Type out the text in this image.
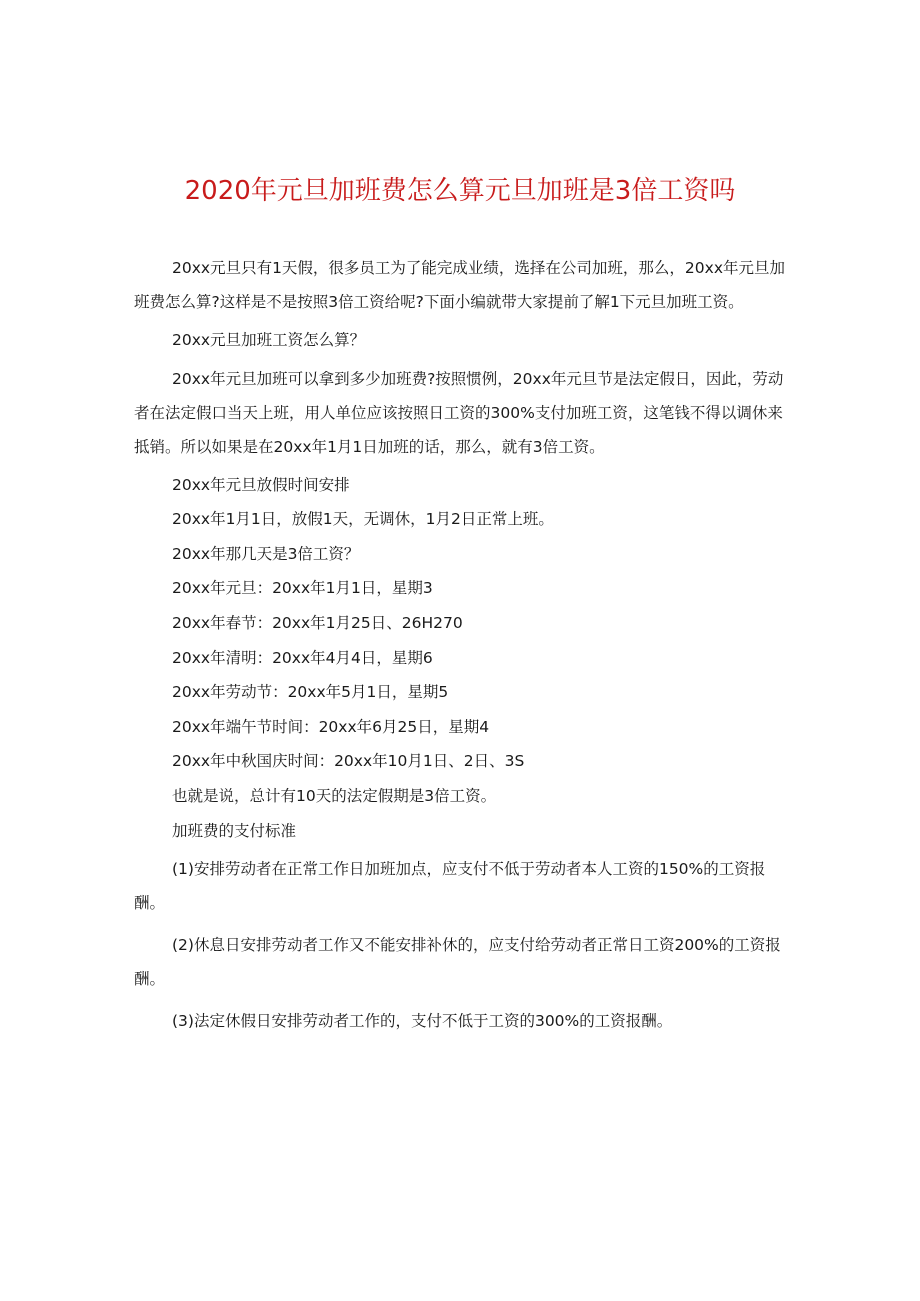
2020年元旦加班费怎么算元旦加班是3倍工资吗

20xx元旦只有1天假，很多员工为了能完成业绩，选择在公司加班，那么，20xx年元旦加班费怎么算?这样是不是按照3倍工资给呢?下面小编就带大家提前了解1下元旦加班工资。

20xx元旦加班工资怎么算？

20xx年元旦加班可以拿到多少加班费?按照惯例，20xx年元旦节是法定假日，因此，劳动者在法定假口当天上班，用人单位应该按照日工资的300%支付加班工资，这笔钱不得以调休来抵销。所以如果是在20xx年1月1日加班的话，那么，就有3倍工资。

20xx年元旦放假时间安排

20xx年1月1日，放假1天，无调休，1月2日正常上班。

20xx年那几天是3倍工资？

20xx年元旦：20xx年1月1日，星期3

20xx年春节：20xx年1月25日、26H270

20xx年清明：20xx年4月4日，星期6

20xx年劳动节：20xx年5月1日，星期5

20xx年端午节时间：20xx年6月25日，星期4

20xx年中秋国庆时间：20xx年10月1日、2日、3S

也就是说，总计有10天的法定假期是3倍工资。

加班费的支付标准

(1)安排劳动者在正常工作日加班加点，应支付不低于劳动者本人工资的150%的工资报酬。

(2)休息日安排劳动者工作又不能安排补休的，应支付给劳动者正常日工资200%的工资报酬。

(3)法定休假日安排劳动者工作的，支付不低于工资的300%的工资报酬。
